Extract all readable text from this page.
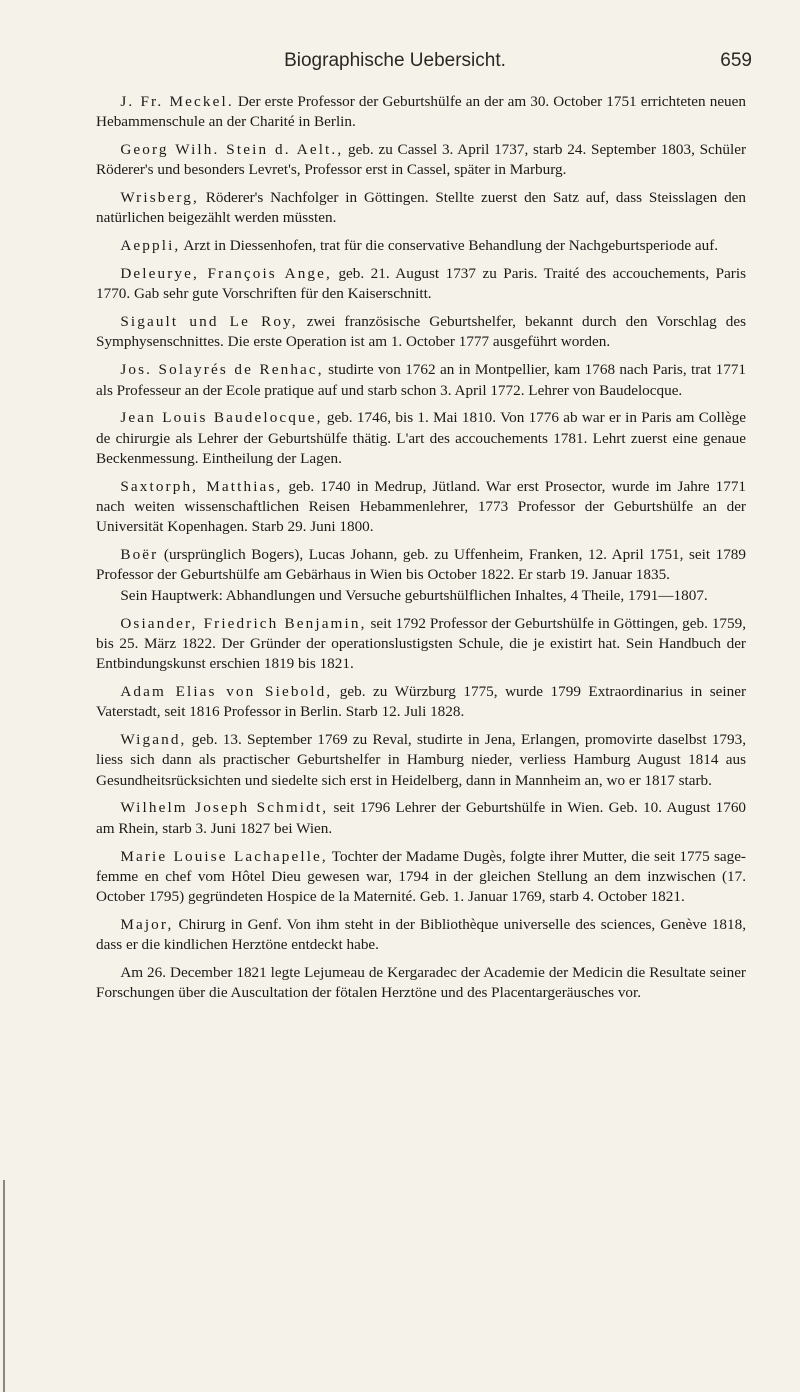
Biographische Uebersicht.	659

J. Fr. Meckel. Der erste Professor der Geburtshülfe an der am 30. October 1751 errichteten neuen Hebammenschule an der Charité in Berlin.

Georg Wilh. Stein d. Aelt., geb. zu Cassel 3. April 1737, starb 24. September 1803, Schüler Röderer's und besonders Levret's, Professor erst in Cassel, später in Marburg.

Wrisberg, Röderer's Nachfolger in Göttingen. Stellte zuerst den Satz auf, dass Steisslagen den natürlichen beigezählt werden müssten.

Aeppli, Arzt in Diessenhofen, trat für die conservative Behandlung der Nachgeburtsperiode auf.

Deleurye, François Ange, geb. 21. August 1737 zu Paris. Traité des accouchements, Paris 1770. Gab sehr gute Vorschriften für den Kaiserschnitt.

Sigault und Le Roy, zwei französische Geburtshelfer, bekannt durch den Vorschlag des Symphysenschnittes. Die erste Operation ist am 1. October 1777 ausgeführt worden.

Jos. Solayrés de Renhac, studirte von 1762 an in Montpellier, kam 1768 nach Paris, trat 1771 als Professeur an der Ecole pratique auf und starb schon 3. April 1772. Lehrer von Baudelocque.

Jean Louis Baudelocque, geb. 1746, bis 1. Mai 1810. Von 1776 ab war er in Paris am Collège de chirurgie als Lehrer der Geburtshülfe thätig. L'art des accouchements 1781. Lehrt zuerst eine genaue Beckenmessung. Eintheilung der Lagen.

Saxtorph, Matthias, geb. 1740 in Medrup, Jütland. War erst Prosector, wurde im Jahre 1771 nach weiten wissenschaftlichen Reisen Hebammenlehrer, 1773 Professor der Geburtshülfe an der Universität Kopenhagen. Starb 29. Juni 1800.

Boër (ursprünglich Bogers), Lucas Johann, geb. zu Uffenheim, Franken, 12. April 1751, seit 1789 Professor der Geburtshülfe am Gebärhaus in Wien bis October 1822. Er starb 19. Januar 1835.

Sein Hauptwerk: Abhandlungen und Versuche geburtshülflichen Inhaltes, 4 Theile, 1791—1807.

Osiander, Friedrich Benjamin, seit 1792 Professor der Geburtshülfe in Göttingen, geb. 1759, bis 25. März 1822. Der Gründer der operationslustigsten Schule, die je existirt hat. Sein Handbuch der Entbindungskunst erschien 1819 bis 1821.

Adam Elias von Siebold, geb. zu Würzburg 1775, wurde 1799 Extraordinarius in seiner Vaterstadt, seit 1816 Professor in Berlin. Starb 12. Juli 1828.

Wigand, geb. 13. September 1769 zu Reval, studirte in Jena, Erlangen, promovirte daselbst 1793, liess sich dann als practischer Geburtshelfer in Hamburg nieder, verliess Hamburg August 1814 aus Gesundheitsrücksichten und siedelte sich erst in Heidelberg, dann in Mannheim an, wo er 1817 starb.

Wilhelm Joseph Schmidt, seit 1796 Lehrer der Geburtshülfe in Wien. Geb. 10. August 1760 am Rhein, starb 3. Juni 1827 bei Wien.

Marie Louise Lachapelle, Tochter der Madame Dugès, folgte ihrer Mutter, die seit 1775 sage-femme en chef vom Hôtel Dieu gewesen war, 1794 in der gleichen Stellung an dem inzwischen (17. October 1795) gegründeten Hospice de la Maternité. Geb. 1. Januar 1769, starb 4. October 1821.

Major, Chirurg in Genf. Von ihm steht in der Bibliothèque universelle des sciences, Genève 1818, dass er die kindlichen Herztöne entdeckt habe.

Am 26. December 1821 legte Lejumeau de Kergaradec der Academie der Medicin die Resultate seiner Forschungen über die Auscultation der fötalen Herztöne und des Placentargeräusches vor.
